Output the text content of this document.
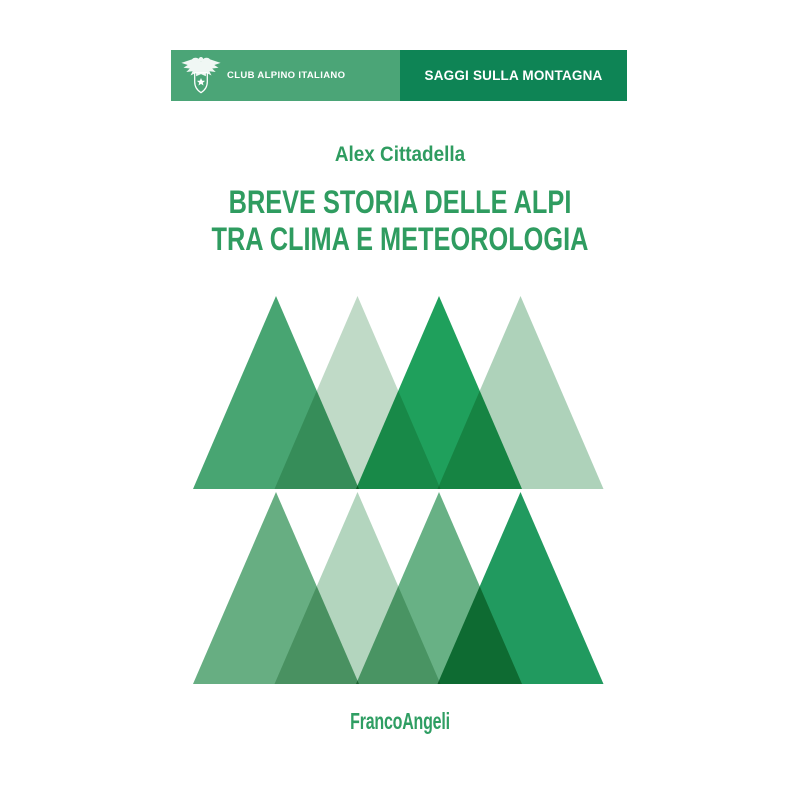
CLUB ALPINO ITALIANO	SAGGI SULLA MONTAGNA
Alex Cittadella
BREVE STORIA DELLE ALPI
TRA CLIMA E METEOROLOGIA
FrancoAngeli
